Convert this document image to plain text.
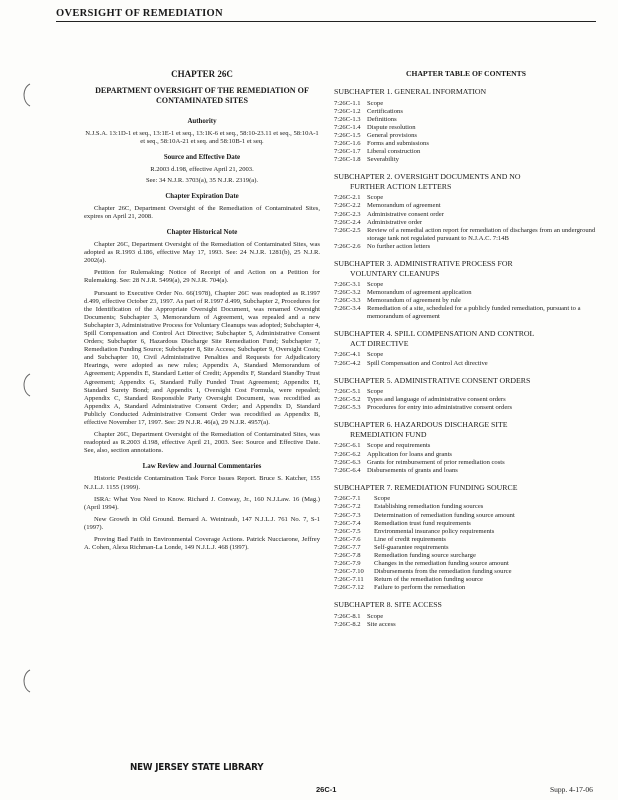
OVERSIGHT OF REMEDIATION
CHAPTER 26C
DEPARTMENT OVERSIGHT OF THE REMEDIATION OF CONTAMINATED SITES
Authority
N.J.S.A. 13:1D-1 et seq., 13:1E-1 et seq., 13:1K-6 et seq., 58:10-23.11 et seq., 58:10A-1 et seq., 58:10A-21 et seq. and 58:10B-1 et seq.
Source and Effective Date
R.2003 d.198, effective April 21, 2003.
See: 34 N.J.R. 3703(a), 35 N.J.R. 2319(a).
Chapter Expiration Date

Chapter 26C, Department Oversight of the Remediation of Contaminated Sites, expires on April 21, 2008.

Chapter Historical Note

Chapter 26C, Department Oversight of the Remediation of Contaminated Sites, was adopted as R.1993 d.186, effective May 17, 1993. See: 24 N.J.R. 1281(b), 25 N.J.R. 2002(a).

Petition for Rulemaking: Notice of Receipt of and Action on a Petition for Rulemaking. See: 28 N.J.R. 5499(a), 29 N.J.R. 704(a).

Pursuant to Executive Order No. 66(1978), Chapter 26C was readopted as R.1997 d.499, effective October 23, 1997. As part of R.1997 d.499, Subchapter 2, Procedures for the Identification of the Appropriate Oversight Document, was renamed Oversight Documents; Subchapter 3, Memorandum of Agreement, was repealed and a new Subchapter 3, Administrative Process for Voluntary Cleanups was adopted; Subchapter 4, Spill Compensation and Control Act Directive; Subchapter 5, Administrative Consent Orders; Subchapter 6, Hazardous Discharge Site Remediation Fund; Subchapter 7, Remediation Funding Source; Subchapter 8, Site Access; Subchapter 9, Oversight Costs; and Subchapter 10, Civil Administrative Penalties and Requests for Adjudicatory Hearings, were adopted as new rules; Appendix A, Standard Memorandum of Agreement; Appendix E, Standard Letter of Credit; Appendix F, Standard Standby Trust Agreement; Appendix G, Standard Fully Funded Trust Agreement; Appendix H, Standard Surety Bond; and Appendix I, Oversight Cost Formula, were repealed; Appendix C, Standard Responsible Party Oversight Document, was recodified as Appendix A, Standard Administrative Consent Order; and Appendix D, Standard Publicly Conducted Administrative Consent Order was recodified as Appendix B, effective November 17, 1997. See: 29 N.J.R. 46(a), 29 N.J.R. 4957(a).

Chapter 26C, Department Oversight of the Remediation of Contaminated Sites, was readopted as R.2003 d.198, effective April 21, 2003. See: Source and Effective Date. See, also, section annotations.

Law Review and Journal Commentaries

Historic Pesticide Contamination Task Force Issues Report. Bruce S. Katcher, 155 N.J.L.J. 1155 (1999).

ISRA: What You Need to Know. Richard J. Conway, Jr., 160 N.J.Law. 16 (Mag.) (April 1994).

New Growth in Old Ground. Bernard A. Weintraub, 147 N.J.L.J. 761 No. 7, S-1 (1997).

Proving Bad Faith in Environmental Coverage Actions. Patrick Nucciarone, Jeffrey A. Cohen, Alexa Richman-La Londe, 149 N.J.L.J. 468 (1997).

CHAPTER TABLE OF CONTENTS
SUBCHAPTER 1. GENERAL INFORMATION
7:26C-1.1 Scope
7:26C-1.2 Certifications
7:26C-1.3 Definitions
7:26C-1.4 Dispute resolution
7:26C-1.5 General provisions
7:26C-1.6 Forms and submissions
7:26C-1.7 Liberal construction
7:26C-1.8 Severability
SUBCHAPTER 2. OVERSIGHT DOCUMENTS AND NO
FURTHER ACTION LETTERS
7:26C-2.1 Scope
7:26C-2.2 Memorandum of agreement
7:26C-2.3 Administrative consent order
7:26C-2.4 Administrative order
7:26C-2.5 Review of a remedial action report for remediation of discharges from an underground storage tank not regulated pursuant to N.J.A.C. 7:14B
7:26C-2.6 No further action letters
SUBCHAPTER 3. ADMINISTRATIVE PROCESS FOR
VOLUNTARY CLEANUPS
7:26C-3.1 Scope
7:26C-3.2 Memorandum of agreement application
7:26C-3.3 Memorandum of agreement by rule
7:26C-3.4 Remediation of a site, scheduled for a publicly funded remediation, pursuant to a memorandum of agreement
SUBCHAPTER 4. SPILL COMPENSATION AND CONTROL
ACT DIRECTIVE
7:26C-4.1 Scope
7:26C-4.2 Spill Compensation and Control Act directive
SUBCHAPTER 5. ADMINISTRATIVE CONSENT ORDERS
7:26C-5.1 Scope
7:26C-5.2 Types and language of administrative consent orders
7:26C-5.3 Procedures for entry into administrative consent orders
SUBCHAPTER 6. HAZARDOUS DISCHARGE SITE
REMEDIATION FUND
7:26C-6.1 Scope and requirements
7:26C-6.2 Application for loans and grants
7:26C-6.3 Grants for reimbursement of prior remediation costs
7:26C-6.4 Disbursements of grants and loans
SUBCHAPTER 7. REMEDIATION FUNDING SOURCE
7:26C-7.1	Scope
7:26C-7.2	Establishing remediation funding sources
7:26C-7.3	Determination of remediation funding source amount
7:26C-7.4	Remediation trust fund requirements
7:26C-7.5	Environmental insurance policy requirements
7:26C-7.6	Line of credit requirements
7:26C-7.7	Self-guarantee requirements
7:26C-7.8	Remediation funding source surcharge
7:26C-7.9	Changes in the remediation funding source amount
7:26C-7.10	Disbursements from the remediation funding source
7:26C-7.11	Return of the remediation funding source
7:26C-7.12	Failure to perform the remediation
SUBCHAPTER 8. SITE ACCESS
7:26C-8.1 Scope
7:26C-8.2 Site access
NEW JERSEY STATE LIBRARY
26C-1	Supp. 4-17-06
